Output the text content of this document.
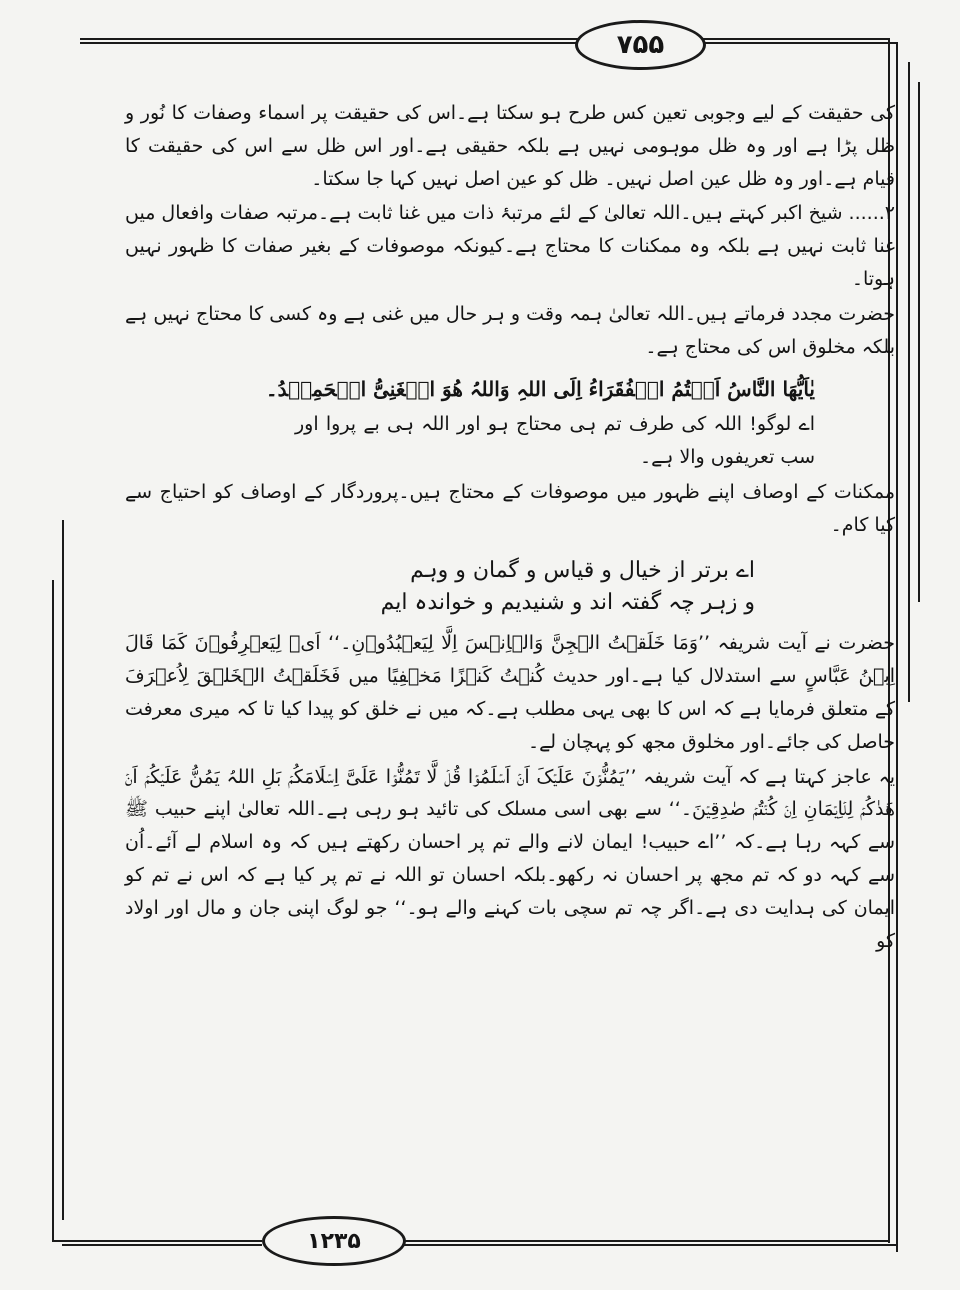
۷۵۵
۱۲۳۵

کی حقیقت کے لیے وجوبی تعین کس طرح ہو سکتا ہے۔اس کی حقیقت پر اسماء وصفات کا نُور و ظل پڑا ہے اور وہ ظل موہومی نہیں ہے بلکہ حقیقی ہے۔اور اس ظل سے اس کی حقیقت کا قیام ہے۔اور وہ ظل عین اصل نہیں۔ ظل کو عین اصل نہیں کہا جا سکتا۔

۲...... شیخ اکبر کہتے ہیں۔اللہ تعالیٰ کے لئے مرتبۂ ذات میں غنا ثابت ہے۔مرتبہ صفات وافعال میں غنا ثابت نہیں ہے بلکہ وہ ممکنات کا محتاج ہے۔کیونکہ موصوفات کے بغیر صفات کا ظہور نہیں ہوتا۔

حضرت مجدد فرماتے ہیں۔اللہ تعالیٰ ہمہ وقت و ہر حال میں غنی ہے وہ کسی کا محتاج نہیں ہے بلکہ مخلوق اس کی محتاج ہے۔

یٰاَیُّھَا النَّاسُ اَنۡتُمُ الۡفُقَرَاءُ اِلَی اللہِ وَاللہُ ھُوَ الۡغَنِیُّ الۡحَمِیۡدُ۔

اے لوگو! اللہ کی طرف تم ہی محتاج ہو اور اللہ ہی بے پروا اور سب تعریفوں والا ہے۔

ممکنات کے اوصاف اپنے ظہور میں موصوفات کے محتاج ہیں۔پروردگار کے اوصاف کو احتیاج سے کیا کام۔

اے برتر از خیال و قیاس و گمان و وہم
و زہر چہ گفتہ اند و شنیدیم و خواندہ ایم

حضرت نے آیت شریفہ ’’وَمَا خَلَقۡتُ الۡجِنَّ وَالۡاِنۡسَ اِلَّا لِیَعۡبُدُوۡنِ۔‘‘ اَیۡ لِیَعۡرِفُوۡنَ کَمَا قَالَ اِبۡنُ عَبَّاسٍ سے استدلال کیا ہے۔اور حدیث کُنۡتُ کَنۡزًا مَخۡفِیًا میں فَخَلَقۡتُ الۡخَلۡقَ لِاُعۡرَفَ کے متعلق فرمایا ہے کہ اس کا بھی یہی مطلب ہے۔کہ میں نے خلق کو پیدا کیا تا کہ میری معرفت حاصل کی جائے۔اور مخلوق مجھ کو پہچان لے۔

یہ عاجز کہتا ہے کہ آیت شریفہ ’’یَمُنُّوۡنَ عَلَیۡکَ اَنۡ اَسۡلَمُوۡا قُلۡ لَّا تَمُنُّوۡا عَلَیَّ اِسۡلَامَکُمۡ بَلِ اللہُ یَمُنُّ عَلَیۡکُمۡ اَنۡ ھَدٰکُمۡ لِلۡاِیۡمَانِ اِنۡ کُنۡتُمۡ صٰدِقِیۡنَ۔‘‘ سے بھی اسی مسلک کی تائید ہو رہی ہے۔اللہ تعالیٰ اپنے حبیب ﷺ سے کہہ رہا ہے۔کہ ’’اے حبیب! ایمان لانے والے تم پر احسان رکھتے ہیں کہ وہ اسلام لے آئے۔اُن سے کہہ دو کہ تم مجھ پر احسان نہ رکھو۔بلکہ احسان تو اللہ نے تم پر کیا ہے کہ اس نے تم کو ایمان کی ہدایت دی ہے۔اگر چہ تم سچی بات کہنے والے ہو۔‘‘ جو لوگ اپنی جان و مال اور اولاد کو
